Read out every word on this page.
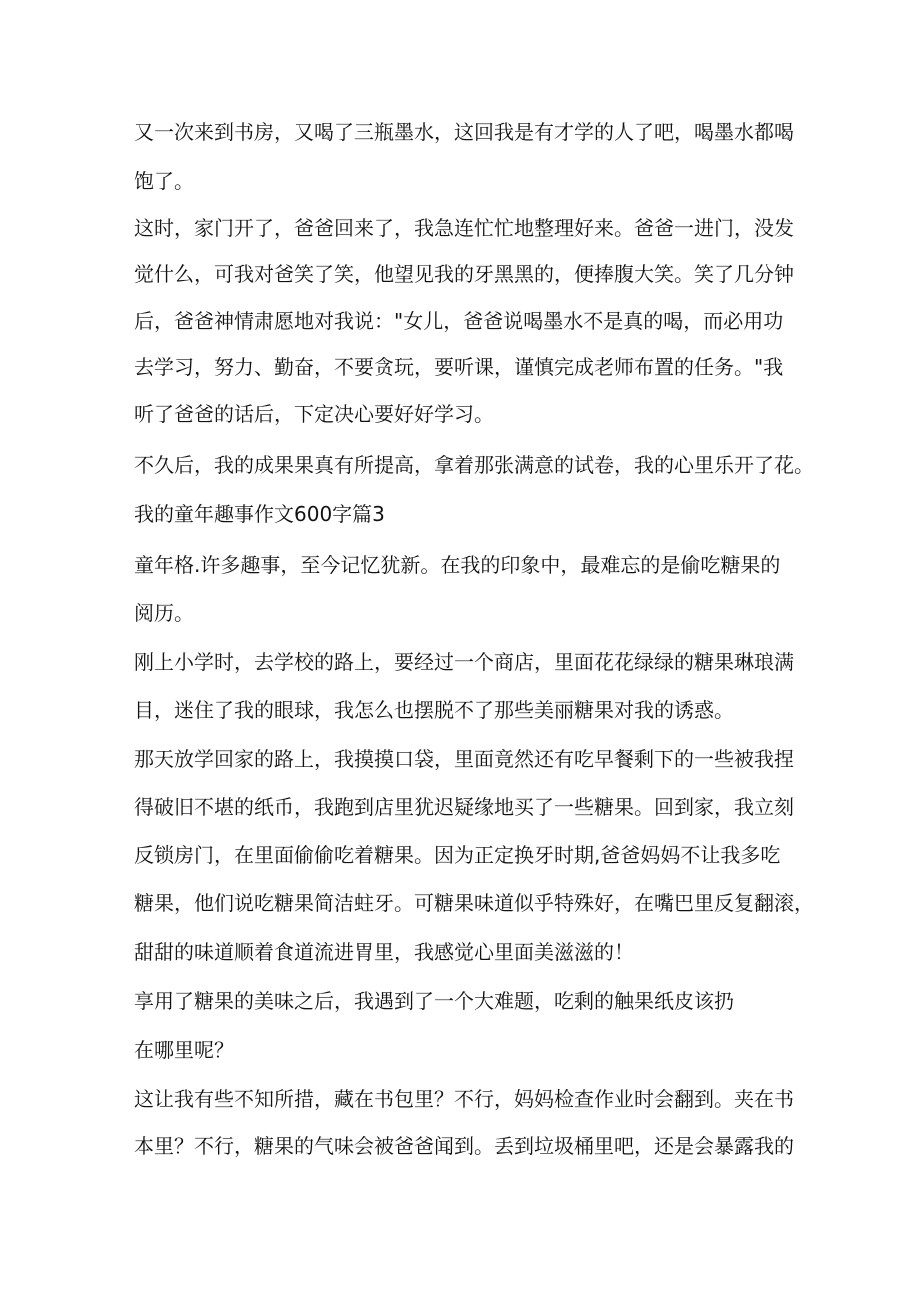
又一次来到书房，又喝了三瓶墨水，这回我是有才学的人了吧，喝墨水都喝

饱了。

这时，家门开了，爸爸回来了，我急连忙忙地整理好来。爸爸一进门，没发

觉什么，可我对爸笑了笑，他望见我的牙黑黑的，便捧腹大笑。笑了几分钟

后，爸爸神情肃愿地对我说："女儿，爸爸说喝墨水不是真的喝，而必用功

去学习，努力、勤奋，不要贪玩，要听课，谨慎完成老师布置的任务。"我

听了爸爸的话后，下定决心要好好学习。

不久后，我的成果果真有所提高，拿着那张满意的试卷，我的心里乐开了花。

我的童年趣事作文600字篇3

童年格.许多趣事，至今记忆犹新。在我的印象中，最难忘的是偷吃糖果的

阅历。

刚上小学时，去学校的路上，要经过一个商店，里面花花绿绿的糖果琳琅满

目，迷住了我的眼球，我怎么也摆脱不了那些美丽糖果对我的诱惑。

那天放学回家的路上，我摸摸口袋，里面竟然还有吃早餐剩下的一些被我捏

得破旧不堪的纸币，我跑到店里犹迟疑缘地买了一些糖果。回到家，我立刻

反锁房门，在里面偷偷吃着糖果。因为正定换牙时期,爸爸妈妈不让我多吃

糖果，他们说吃糖果简洁蛀牙。可糖果味道似乎特殊好，在嘴巴里反复翻滚，

甜甜的味道顺着食道流进胃里，我感觉心里面美滋滋的！

享用了糖果的美味之后，我遇到了一个大难题，吃剩的触果纸皮该扔

在哪里呢？

这让我有些不知所措，藏在书包里？不行，妈妈检查作业时会翻到。夹在书

本里？不行，糖果的气味会被爸爸闻到。丢到垃圾桶里吧，还是会暴露我的
